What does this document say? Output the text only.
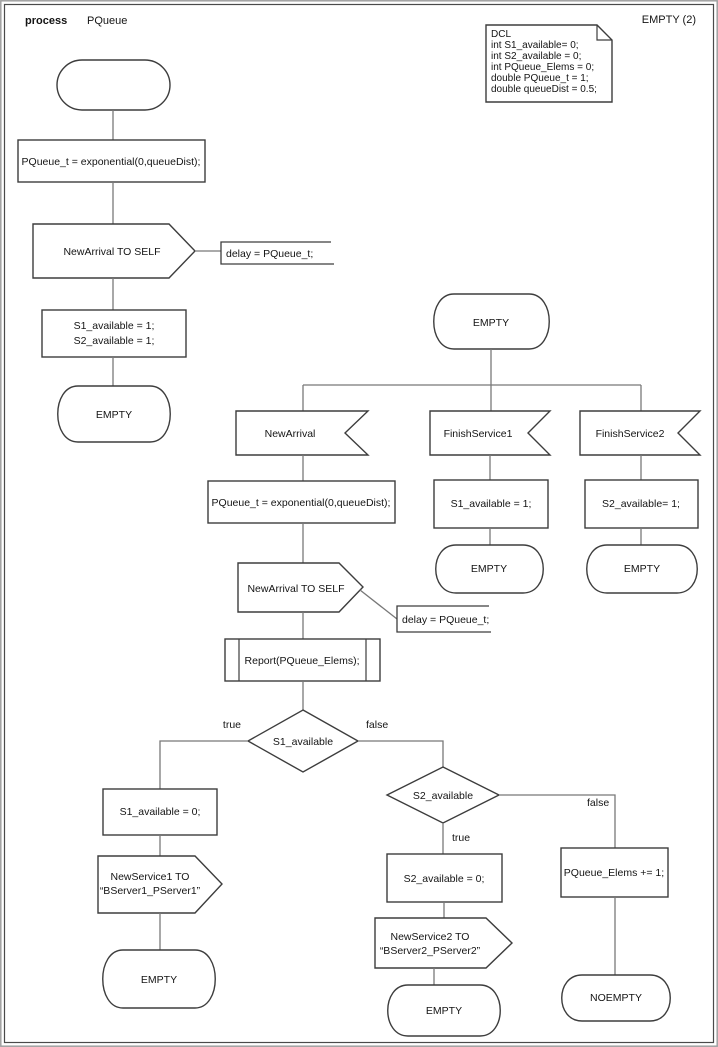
process PQueue	EMPTY (2)
DCL
int S1_available= 0;
int S2_available = 0;
int PQueue_Elems = 0;
double PQueue_t = 1;
double queueDist = 0.5;
PQueue_t = exponential(0,queueDist);
NewArrival TO SELF	delay = PQueue_t;
S1_available = 1;
S2_available = 1;
EMPTY
EMPTY
NewArrival	FinishService1	FinishService2
S1_available = 1;
EMPTY
S2_available= 1;
EMPTY
PQueue_t = exponential(0,queueDist);
NewArrival TO SELF
delay = PQueue_t;
Report(PQueue_Elems);
S1_available
true	false
S1_available = 0;
NewService1 TO
“BServer1_PServer1”
EMPTY
S2_available
true
false
S2_available = 0;
NewService2 TO
“BServer2_PServer2”
EMPTY
PQueue_Elems += 1;
NOEMPTY
